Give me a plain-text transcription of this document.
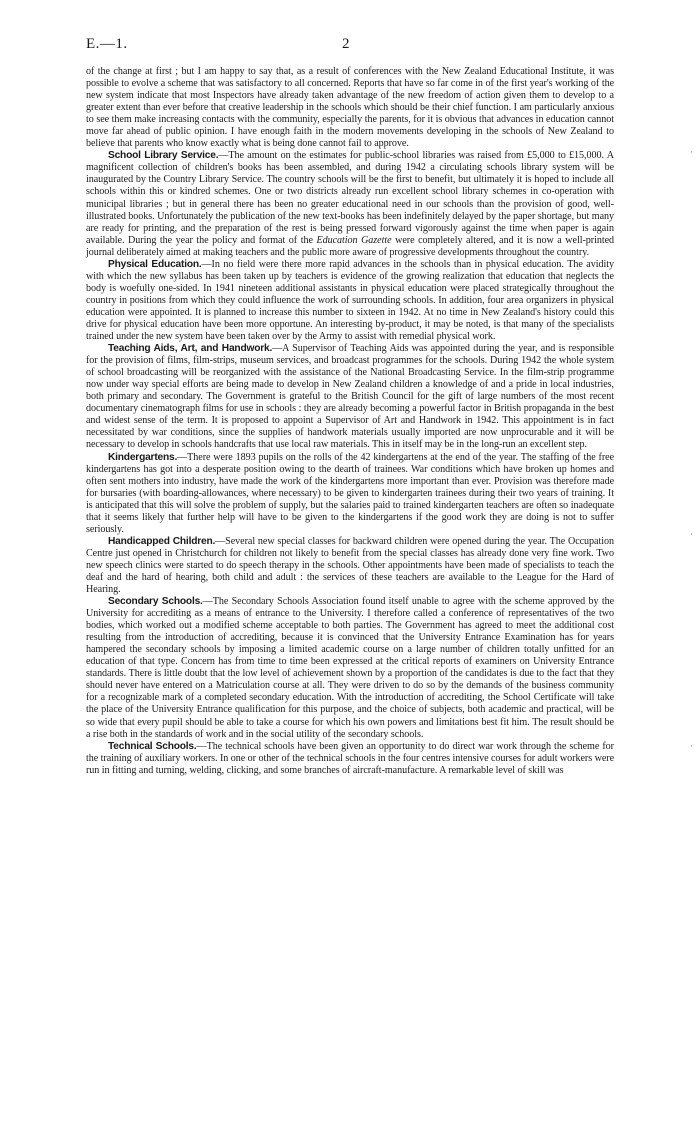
E.—1.	2

of the change at first ; but I am happy to say that, as a result of conferences with the New Zealand Educational Institute, it was possible to evolve a scheme that was satisfactory to all concerned. Reports that have so far come in of the first year's working of the new system indicate that most Inspectors have already taken advantage of the new freedom of action given them to develop to a greater extent than ever before that creative leadership in the schools which should be their chief function. I am particularly anxious to see them make increasing contacts with the community, especially the parents, for it is obvious that advances in education cannot move far ahead of public opinion. I have enough faith in the modern movements developing in the schools of New Zealand to believe that parents who know exactly what is being done cannot fail to approve.

School Library Service.—The amount on the estimates for public-school libraries was raised from £5,000 to £15,000. A magnificent collection of children's books has been assembled, and during 1942 a circulating schools library system will be inaugurated by the Country Library Service. The country schools will be the first to benefit, but ultimately it is hoped to include all schools within this or kindred schemes. One or two districts already run excellent school library schemes in co-operation with municipal libraries ; but in general there has been no greater educational need in our schools than the provision of good, well-illustrated books. Unfortunately the publication of the new text-books has been indefinitely delayed by the paper shortage, but many are ready for printing, and the preparation of the rest is being pressed forward vigorously against the time when paper is again available. During the year the policy and format of the Education Gazette were completely altered, and it is now a well-printed journal deliberately aimed at making teachers and the public more aware of progressive developments throughout the country.

Physical Education.—In no field were there more rapid advances in the schools than in physical education. The avidity with which the new syllabus has been taken up by teachers is evidence of the growing realization that education that neglects the body is woefully one-sided. In 1941 nineteen additional assistants in physical education were placed strategically throughout the country in positions from which they could influence the work of surrounding schools. In addition, four area organizers in physical education were appointed. It is planned to increase this number to sixteen in 1942. At no time in New Zealand's history could this drive for physical education have been more opportune. An interesting by-product, it may be noted, is that many of the specialists trained under the new system have been taken over by the Army to assist with remedial physical work.

Teaching Aids, Art, and Handwork.—A Supervisor of Teaching Aids was appointed during the year, and is responsible for the provision of films, film-strips, museum services, and broadcast programmes for the schools. During 1942 the whole system of school broadcasting will be reorganized with the assistance of the National Broadcasting Service. In the film-strip programme now under way special efforts are being made to develop in New Zealand children a knowledge of and a pride in local industries, both primary and secondary. The Government is grateful to the British Council for the gift of large numbers of the most recent documentary cinematograph films for use in schools : they are already becoming a powerful factor in British propaganda in the best and widest sense of the term. It is proposed to appoint a Supervisor of Art and Handwork in 1942. This appointment is in fact necessitated by war conditions, since the supplies of handwork materials usually imported are now unprocurable and it will be necessary to develop in schools handcrafts that use local raw materials. This in itself may be in the long-run an excellent step.

Kindergartens.—There were 1893 pupils on the rolls of the 42 kindergartens at the end of the year. The staffing of the free kindergartens has got into a desperate position owing to the dearth of trainees. War conditions which have broken up homes and often sent mothers into industry, have made the work of the kindergartens more important than ever. Provision was therefore made for bursaries (with boarding-allowances, where necessary) to be given to kindergarten trainees during their two years of training. It is anticipated that this will solve the problem of supply, but the salaries paid to trained kindergarten teachers are often so inadequate that it seems likely that further help will have to be given to the kindergartens if the good work they are doing is not to suffer seriously.

Handicapped Children.—Several new special classes for backward children were opened during the year. The Occupation Centre just opened in Christchurch for children not likely to benefit from the special classes has already done very fine work. Two new speech clinics were started to do speech therapy in the schools. Other appointments have been made of specialists to teach the deaf and the hard of hearing, both child and adult : the services of these teachers are available to the League for the Hard of Hearing.

Secondary Schools.—The Secondary Schools Association found itself unable to agree with the scheme approved by the University for accrediting as a means of entrance to the University. I therefore called a conference of representatives of the two bodies, which worked out a modified scheme acceptable to both parties. The Government has agreed to meet the additional cost resulting from the introduction of accrediting, because it is convinced that the University Entrance Examination has for years hampered the secondary schools by imposing a limited academic course on a large number of children totally unfitted for an education of that type. Concern has from time to time been expressed at the critical reports of examiners on University Entrance standards. There is little doubt that the low level of achievement shown by a proportion of the candidates is due to the fact that they should never have entered on a Matriculation course at all. They were driven to do so by the demands of the business community for a recognizable mark of a completed secondary education. With the introduction of accrediting, the School Certificate will take the place of the University Entrance qualification for this purpose, and the choice of subjects, both academic and practical, will be so wide that every pupil should be able to take a course for which his own powers and limitations best fit him. The result should be a rise both in the standards of work and in the social utility of the secondary schools.

Technical Schools.—The technical schools have been given an opportunity to do direct war work through the scheme for the training of auxiliary workers. In one or other of the technical schools in the four centres intensive courses for adult workers were run in fitting and turning, welding, clicking, and some branches of aircraft-manufacture. A remarkable level of skill was

·
·
·
